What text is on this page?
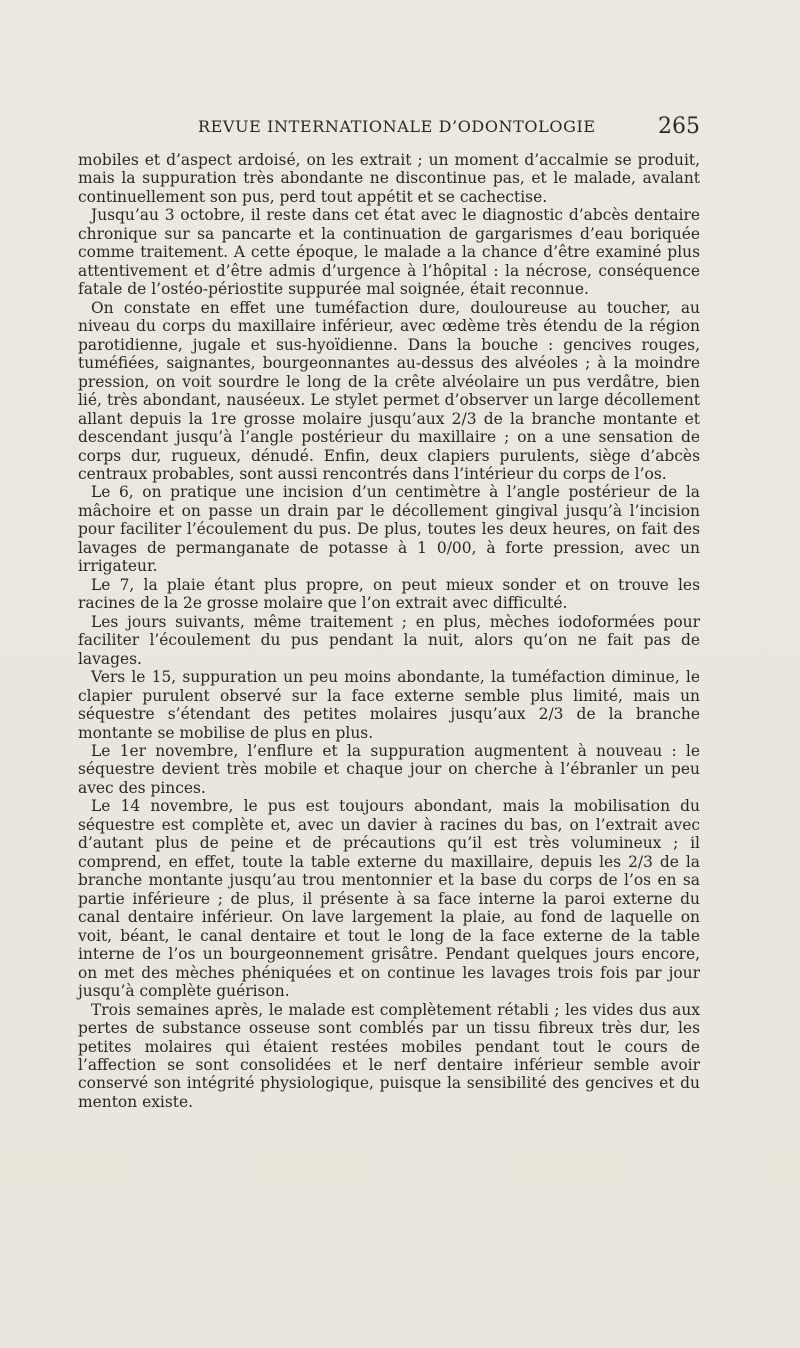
REVUE INTERNATIONALE D’ODONTOLOGIE	265

mobiles et d’aspect ardoisé, on les extrait ; un moment d’accalmie se produit, mais la suppuration très abondante ne discontinue pas, et le malade, avalant continuellement son pus, perd tout appétit et se cachectise.

Jusqu’au 3 octobre, il reste dans cet état avec le diagnostic d’abcès dentaire chronique sur sa pancarte et la continuation de gargarismes d’eau boriquée comme traitement. A cette époque, le malade a la chance d’être examiné plus attentivement et d’être admis d’urgence à l’hôpital : la nécrose, conséquence fatale de l’ostéo-périostite suppurée mal soignée, était reconnue.

On constate en effet une tuméfaction dure, douloureuse au toucher, au niveau du corps du maxillaire inférieur, avec œdème très étendu de la région parotidienne, jugale et sus-hyoïdienne. Dans la bouche : gencives rouges, tuméfiées, saignantes, bourgeonnantes au-dessus des alvéoles ; à la moindre pression, on voit sourdre le long de la crête alvéolaire un pus verdâtre, bien lié, très abondant, nauséeux. Le stylet permet d’observer un large décollement allant depuis la 1re grosse molaire jusqu’aux 2/3 de la branche montante et descendant jusqu’à l’angle postérieur du maxillaire ; on a une sensation de corps dur, rugueux, dénudé. Enfin, deux clapiers purulents, siège d’abcès centraux probables, sont aussi rencontrés dans l’intérieur du corps de l’os.

Le 6, on pratique une incision d’un centimètre à l’angle postérieur de la mâchoire et on passe un drain par le décollement gingival jusqu’à l’incision pour faciliter l’écoulement du pus. De plus, toutes les deux heures, on fait des lavages de permanganate de potasse à 1 0/00, à forte pression, avec un irrigateur.

Le 7, la plaie étant plus propre, on peut mieux sonder et on trouve les racines de la 2e grosse molaire que l’on extrait avec difficulté.

Les jours suivants, même traitement ; en plus, mèches iodoformées pour faciliter l’écoulement du pus pendant la nuit, alors qu’on ne fait pas de lavages.

Vers le 15, suppuration un peu moins abondante, la tuméfaction diminue, le clapier purulent observé sur la face externe semble plus limité, mais un séquestre s’étendant des petites molaires jusqu’aux 2/3 de la branche montante se mobilise de plus en plus.

Le 1er novembre, l’enflure et la suppuration augmentent à nouveau : le séquestre devient très mobile et chaque jour on cherche à l’ébranler un peu avec des pinces.

Le 14 novembre, le pus est toujours abondant, mais la mobilisation du séquestre est complète et, avec un davier à racines du bas, on l’extrait avec d’autant plus de peine et de précautions qu’il est très volumineux ; il comprend, en effet, toute la table externe du maxillaire, depuis les 2/3 de la branche montante jusqu’au trou mentonnier et la base du corps de l’os en sa partie inférieure ; de plus, il présente à sa face interne la paroi externe du canal dentaire inférieur. On lave largement la plaie, au fond de laquelle on voit, béant, le canal dentaire et tout le long de la face externe de la table interne de l’os un bourgeonnement grisâtre. Pendant quelques jours encore, on met des mèches phéniquées et on continue les lavages trois fois par jour jusqu’à complète guérison.

Trois semaines après, le malade est complètement rétabli ; les vides dus aux pertes de substance osseuse sont comblés par un tissu fibreux très dur, les petites molaires qui étaient restées mobiles pendant tout le cours de l’affection se sont consolidées et le nerf dentaire inférieur semble avoir conservé son intégrité physiologique, puisque la sensibilité des gencives et du menton existe.
